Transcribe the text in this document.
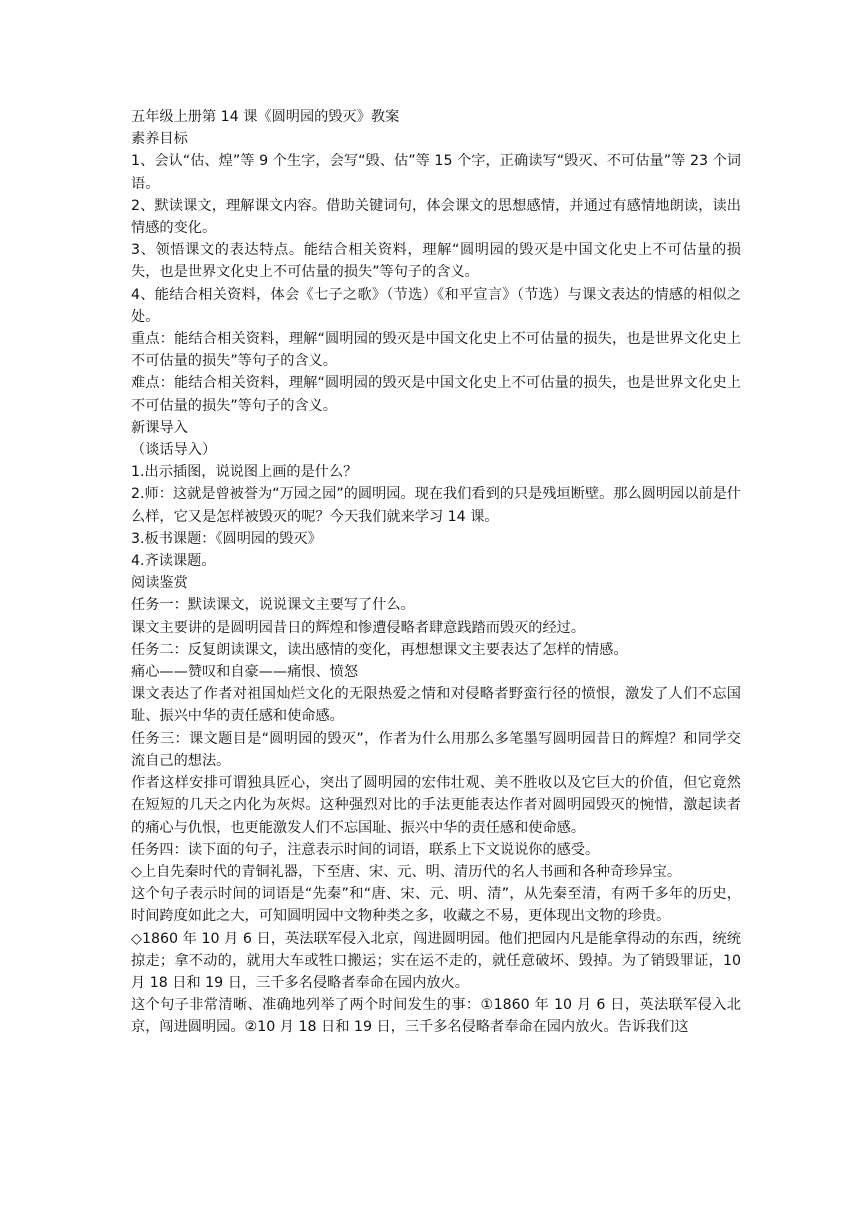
五年级上册第 14 课《圆明园的毁灭》教案

素养目标

1、会认“估、煌”等 9 个生字，会写“毁、估”等 15 个字，正确读写“毁灭、不可估量”等 23 个词语。

2、默读课文，理解课文内容。借助关键词句，体会课文的思想感情，并通过有感情地朗读，读出情感的变化。

3、领悟课文的表达特点。能结合相关资料，理解“圆明园的毁灭是中国文化史上不可估量的损失，也是世界文化史上不可估量的损失”等句子的含义。

4、能结合相关资料，体会《七子之歌》（节选）《和平宣言》（节选）与课文表达的情感的相似之处。

重点：能结合相关资料，理解“圆明园的毁灭是中国文化史上不可估量的损失，也是世界文化史上不可估量的损失”等句子的含义。

难点：能结合相关资料，理解“圆明园的毁灭是中国文化史上不可估量的损失，也是世界文化史上不可估量的损失”等句子的含义。

新课导入

（谈话导入）

1.出示插图，说说图上画的是什么？

2.师：这就是曾被誉为“万园之园”的圆明园。现在我们看到的只是残垣断壁。那么圆明园以前是什么样，它又是怎样被毁灭的呢？今天我们就来学习 14 课。

3.板书课题：《圆明园的毁灭》

4.齐读课题。

阅读鉴赏

任务一：默读课文，说说课文主要写了什么。

课文主要讲的是圆明园昔日的辉煌和惨遭侵略者肆意践踏而毁灭的经过。

任务二：反复朗读课文，读出感情的变化，再想想课文主要表达了怎样的情感。

痛心——赞叹和自豪——痛恨、愤怒

课文表达了作者对祖国灿烂文化的无限热爱之情和对侵略者野蛮行径的愤恨，激发了人们不忘国耻、振兴中华的责任感和使命感。

任务三：课文题目是“圆明园的毁灭”，作者为什么用那么多笔墨写圆明园昔日的辉煌？和同学交流自己的想法。

作者这样安排可谓独具匠心，突出了圆明园的宏伟壮观、美不胜收以及它巨大的价值，但它竟然在短短的几天之内化为灰烬。这种强烈对比的手法更能表达作者对圆明园毁灭的惋惜，激起读者的痛心与仇恨，也更能激发人们不忘国耻、振兴中华的责任感和使命感。

任务四：读下面的句子，注意表示时间的词语，联系上下文说说你的感受。

◇上自先秦时代的青铜礼器，下至唐、宋、元、明、清历代的名人书画和各种奇珍异宝。

这个句子表示时间的词语是“先秦”和“唐、宋、元、明、清”，从先秦至清，有两千多年的历史，时间跨度如此之大，可知圆明园中文物种类之多，收藏之不易，更体现出文物的珍贵。

◇1860 年 10 月 6 日，英法联军侵入北京，闯进圆明园。他们把园内凡是能拿得动的东西，统统掠走；拿不动的，就用大车或牲口搬运；实在运不走的，就任意破坏、毁掉。为了销毁罪证，10 月 18 日和 19 日，三千多名侵略者奉命在园内放火。

这个句子非常清晰、准确地列举了两个时间发生的事：①1860 年 10 月 6 日，英法联军侵入北京，闯进圆明园。②10 月 18 日和 19 日，三千多名侵略者奉命在园内放火。告诉我们这
